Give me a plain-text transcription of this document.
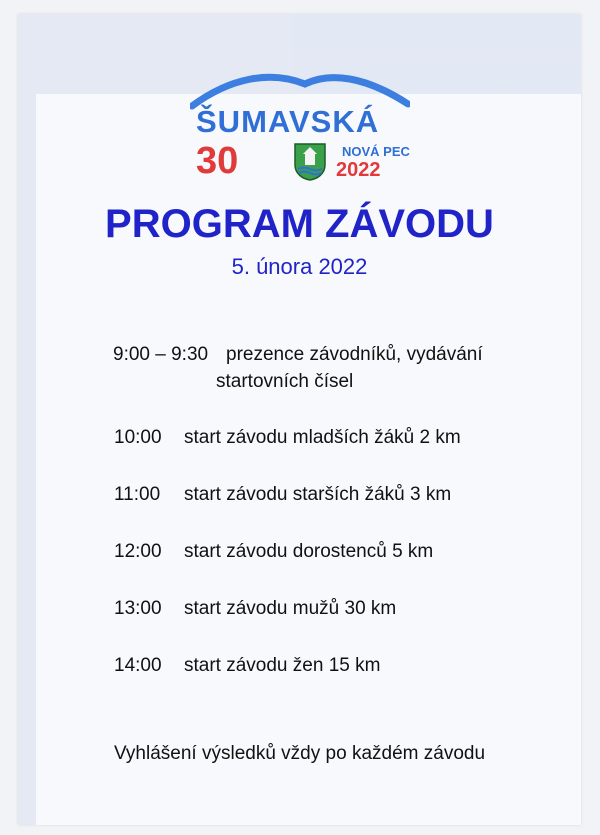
ŠUMAVSKÁ
30	NOVÁ PEC
2022
PROGRAM ZÁVODU
5. února 2022
9:00 – 9:30 prezence závodníků, vydávání
startovních čísel
10:00 start závodu mladších žáků 2 km
11:00 start závodu starších žáků 3 km
12:00 start závodu dorostenců 5 km
13:00 start závodu mužů 30 km
14:00 start závodu žen 15 km
Vyhlášení výsledků vždy po každém závodu
